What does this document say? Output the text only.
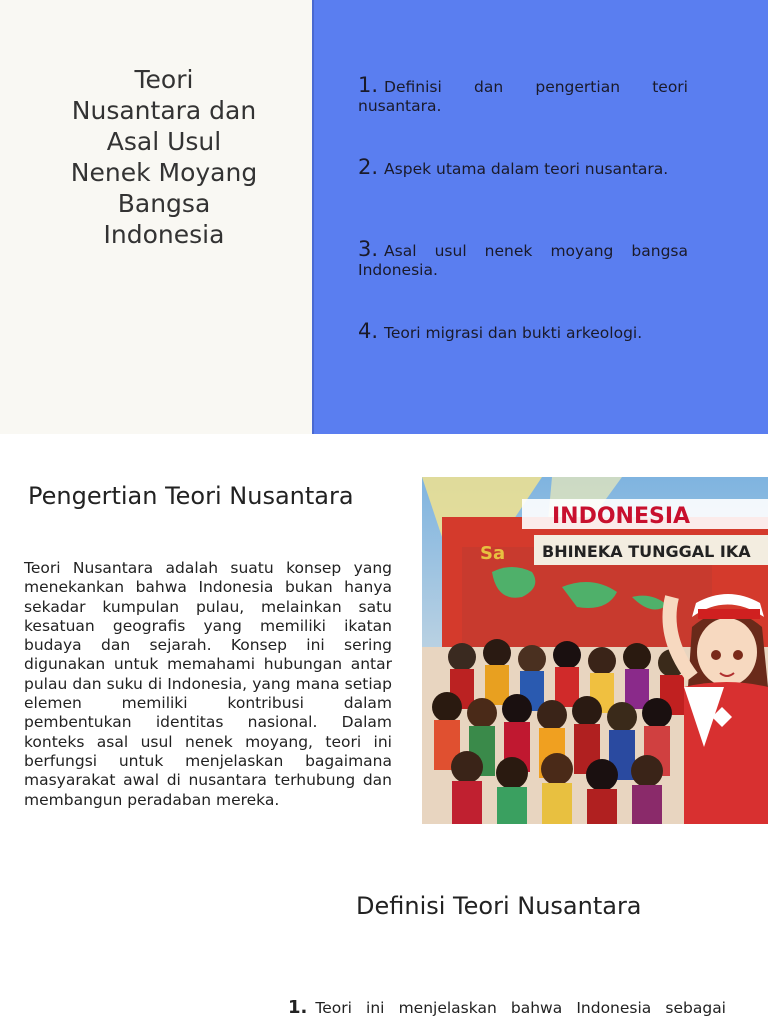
Teori
Nusantara dan
Asal Usul
Nenek Moyang
Bangsa
Indonesia
1. Definisi dan pengertian teori nusantara.
2. Aspek utama dalam teori nusantara.
3. Asal usul nenek moyang bangsa Indonesia.
4. Teori migrasi dan bukti arkeologi.
Pengertian Teori Nusantara

Teori Nusantara adalah suatu konsep yang menekankan bahwa Indonesia bukan hanya sekadar kumpulan pulau, melainkan satu kesatuan geografis yang memiliki ikatan budaya dan sejarah. Konsep ini sering digunakan untuk memahami hubungan antar pulau dan suku di Indonesia, yang mana setiap elemen memiliki kontribusi dalam pembentukan identitas nasional. Dalam konteks asal usul nenek moyang, teori ini berfungsi untuk menjelaskan bagaimana masyarakat awal di nusantara terhubung dan membangun peradaban mereka.

INDONESIA
BHINEKA TUNGGAL IKA
Sa
Definisi Teori Nusantara
1. Teori ini menjelaskan bahwa Indonesia sebagai
